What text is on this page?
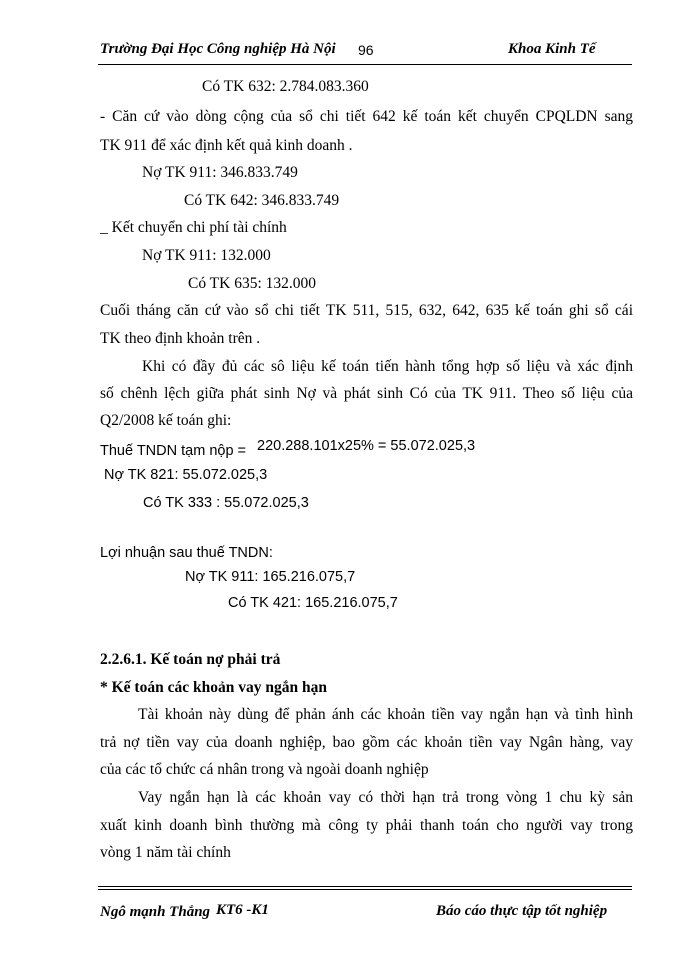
Trường Đại Học Công nghiệp Hà Nội 96	Khoa Kinh Tế
Có TK 632: 2.784.083.360
- Căn cứ vào dòng cộng của sổ chi tiết 642 kế toán kết chuyển CPQLDN sang
TK 911 để xác định kết quả kinh doanh .
Nợ TK 911: 346.833.749
Có TK 642: 346.833.749
_ Kết chuyển chi phí tài chính
Nợ TK 911: 132.000
Có TK 635: 132.000
Cuối tháng căn cứ vào sổ chi tiết TK 511, 515, 632, 642, 635 kế toán ghi sổ cái
TK theo định khoản trên .
Khi có đầy đủ các sô liệu kế toán tiến hành tổng hợp số liệu và xác định
số chênh lệch giữa phát sinh Nợ và phát sinh Có của TK 911. Theo số liệu của
Q2/2008 kế toán ghi:
Thuế TNDN tạm nộp = 220.288.101x25% = 55.072.025,3
Nợ TK 821: 55.072.025,3
Có TK 333 : 55.072.025,3
Lợi nhuận sau thuế TNDN:
Nợ TK 911: 165.216.075,7
Có TK 421: 165.216.075,7
2.2.6.1. Kế toán nợ phải trả
* Kế toán các khoản vay ngắn hạn
Tài khoản này dùng để phản ánh các khoản tiền vay ngắn hạn và tình hình
trả nợ tiền vay của doanh nghiệp, bao gồm các khoản tiền vay Ngân hàng, vay
của các tổ chức cá nhân trong và ngoài doanh nghiệp
Vay ngắn hạn là các khoản vay có thời hạn trả trong vòng 1 chu kỳ sản
xuất kinh doanh bình thường mà công ty phải thanh toán cho người vay trong
vòng 1 năm tài chính
Ngô mạnh Thắng KT6 -K1	Báo cáo thực tập tốt nghiệp
